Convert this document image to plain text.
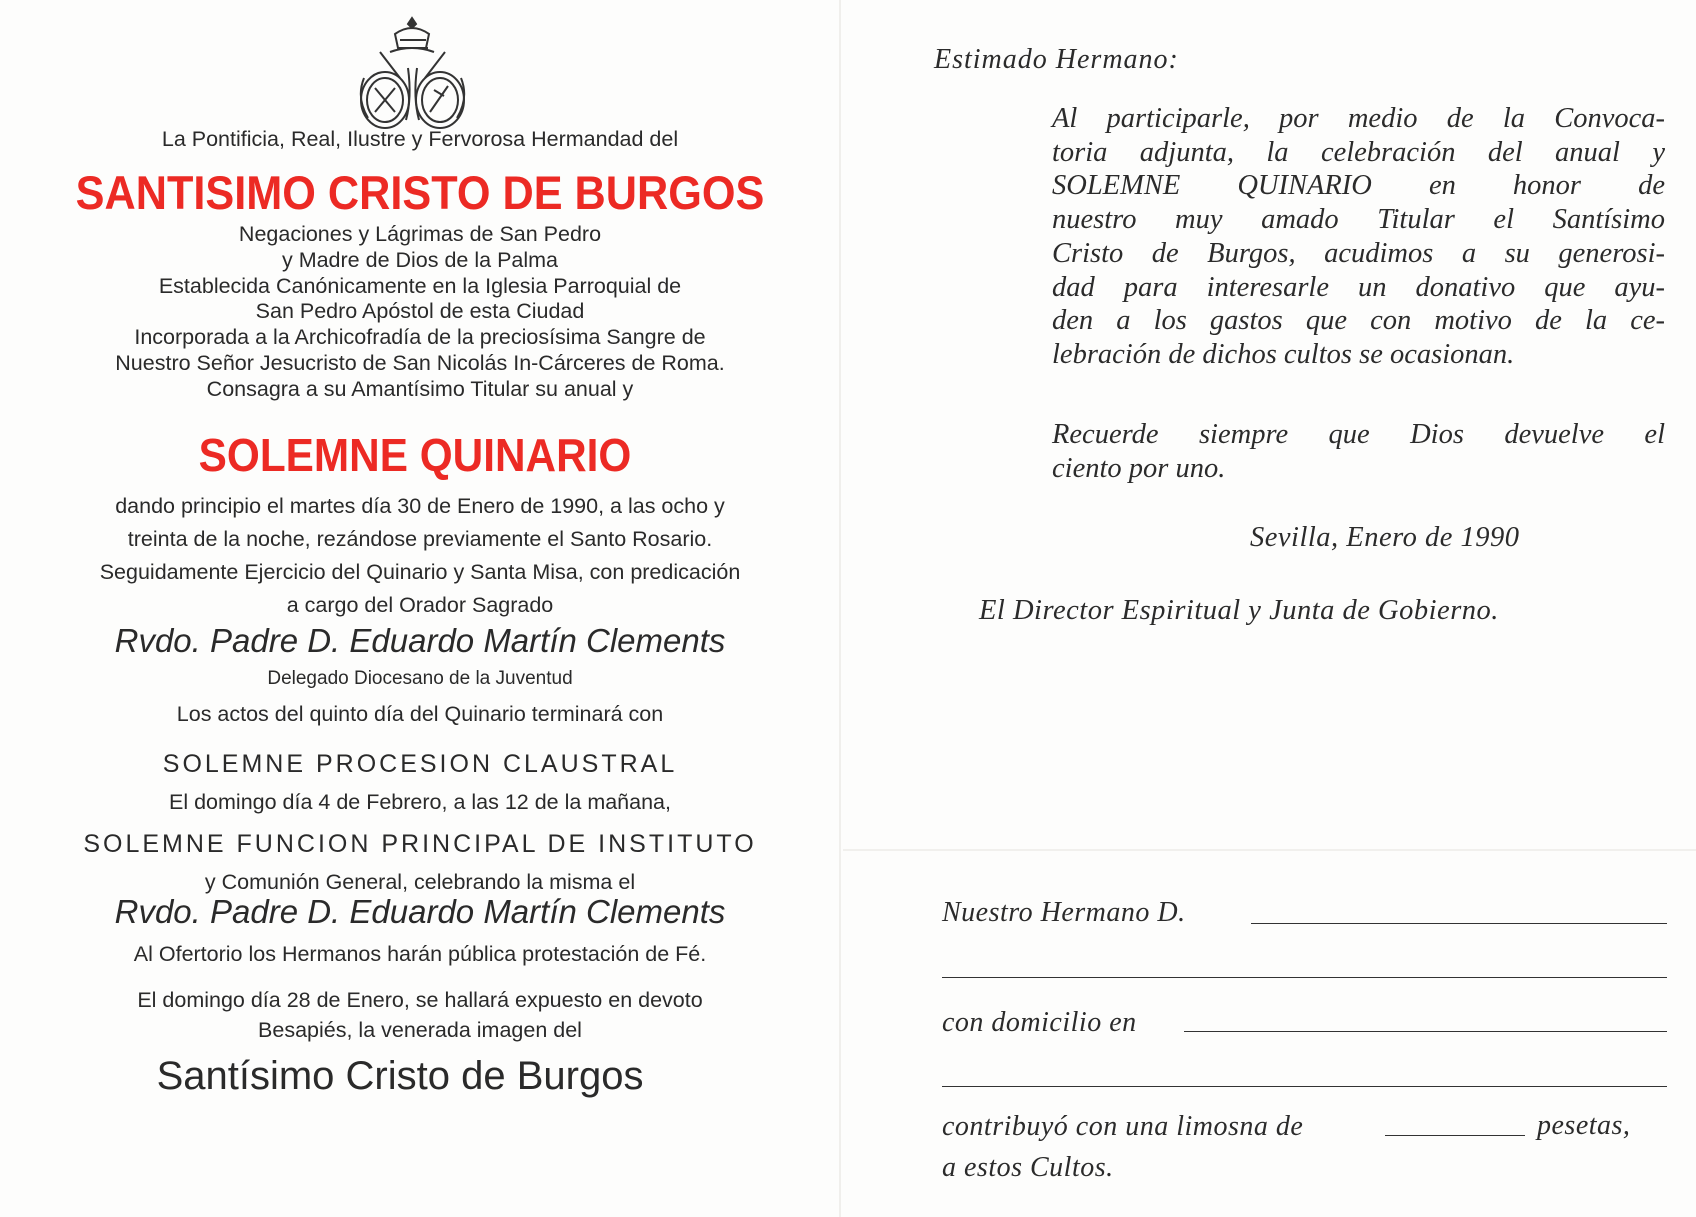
La Pontificia, Real, Ilustre y Fervorosa Hermandad del
SANTISIMO CRISTO DE BURGOS
Negaciones y Lágrimas de San Pedro
y Madre de Dios de la Palma
Establecida Canónicamente en la Iglesia Parroquial de
San Pedro Apóstol de esta Ciudad
Incorporada a la Archicofradía de la preciosísima Sangre de
Nuestro Señor Jesucristo de San Nicolás In-Cárceres de Roma.
Consagra a su Amantísimo Titular su anual y
SOLEMNE QUINARIO
dando principio el martes día 30 de Enero de 1990, a las ocho y
treinta de la noche, rezándose previamente el Santo Rosario.
Seguidamente Ejercicio del Quinario y Santa Misa, con predicación
a cargo del Orador Sagrado
Rvdo. Padre D. Eduardo Martín Clements
Delegado Diocesano de la Juventud
Los actos del quinto día del Quinario terminará con
SOLEMNE PROCESION CLAUSTRAL
El domingo día 4 de Febrero, a las 12 de la mañana,
SOLEMNE FUNCION PRINCIPAL DE INSTITUTO
y Comunión General, celebrando la misma el
Rvdo. Padre D. Eduardo Martín Clements
Al Ofertorio los Hermanos harán pública protestación de Fé.
El domingo día 28 de Enero, se hallará expuesto en devoto
Besapiés, la venerada imagen del
Santísimo Cristo de Burgos
Estimado Hermano:
Al participarle, por medio de la Convoca-
toria adjunta, la celebración del anual y
SOLEMNE QUINARIO en honor de
nuestro muy amado Titular el Santísimo
Cristo de Burgos, acudimos a su generosi-
dad para interesarle un donativo que ayu-
den a los gastos que con motivo de la ce-
lebración de dichos cultos se ocasionan.
Recuerde siempre que Dios devuelve el
ciento por uno.
Sevilla, Enero de 1990
El Director Espiritual y Junta de Gobierno.
Nuestro Hermano D.
con domicilio en
contribuyó con una limosna de	pesetas,
a estos Cultos.
